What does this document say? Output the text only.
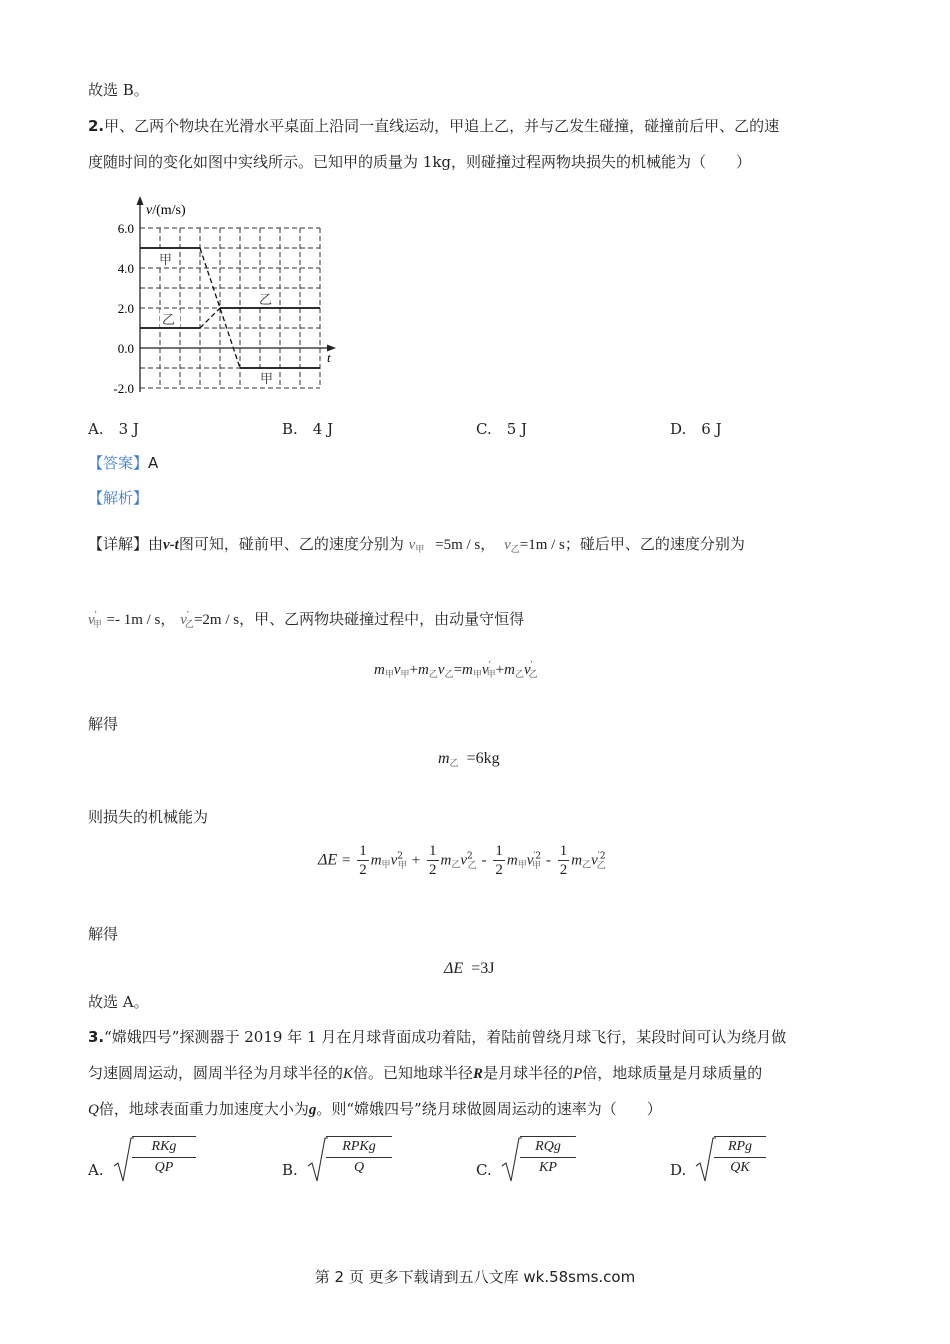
故选 B。
2.甲、乙两个物块在光滑水平桌面上沿同一直线运动，甲追上乙，并与乙发生碰撞，碰撞前后甲、乙的速
度随时间的变化如图中实线所示。已知甲的质量为 1kg，则碰撞过程两物块损失的机械能为（　　）
v/(m/s)
t
6.0
4.0
2.0
0.0
-2.0
甲
乙
乙
甲
A.　3 J	B.　4 J	C.　5 J	D.　6 J
【答案】A
【解析】
【详解】由v-t图可知，碰前甲、乙的速度分别为 $v_甲 =5m / s$， $v_乙=1m / s$；碰后甲、乙的速度分别为
$v'_甲 =- 1m / s$， $v'_乙=2m / s$，甲、乙两物块碰撞过程中，由动量守恒得
$m_甲v_甲+m_乙v_乙=m_甲v'_甲+m_乙v'_乙$
解得
$m_乙 =6kg$
则损失的机械能为
$\Delta E = \frac{1}{2} m_甲v^2_甲 + \frac{1}{2} m_乙v^2_乙 - \frac{1}{2} m_甲v^{'2}_甲 - \frac{1}{2} m_乙v^{'2}_乙$
解得
ΔE =3J
故选 A。
3.“嫦娥四号”探测器于 2019 年 1 月在月球背面成功着陆，着陆前曾绕月球飞行，某段时间可认为绕月做
匀速圆周运动，圆周半径为月球半径的K倍。已知地球半径R是月球半径的P倍，地球质量是月球质量的
Q倍，地球表面重力加速度大小为g。则“嫦娥四号”绕月球做圆周运动的速率为（　　）
A.
RKg
QP	B.
RPKg
Q	C.
RQg
KP	D.
RPg
QK
第 2 页 更多下载请到五八文库 wk.58sms.com
